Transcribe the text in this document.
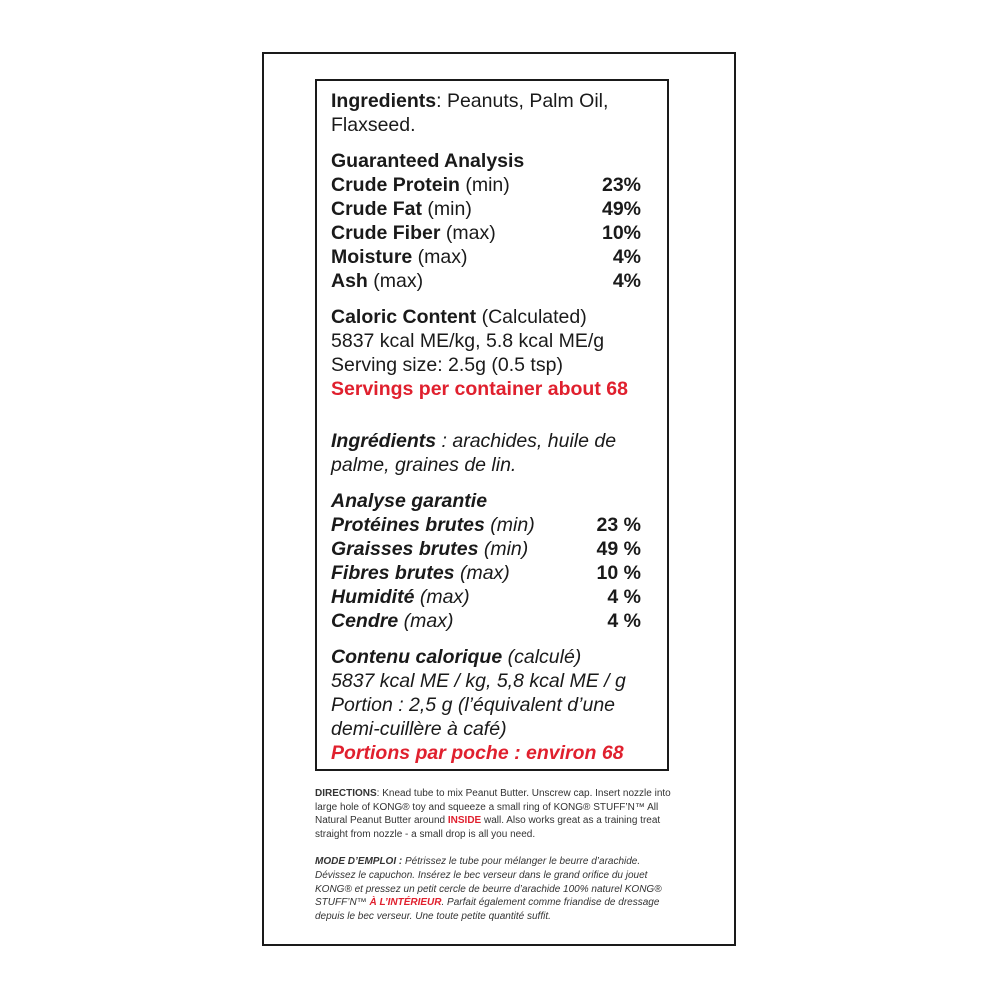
Ingredients: Peanuts, Palm Oil,

Flaxseed.

Guaranteed Analysis

Crude Protein (min)	23%
Crude Fat (min)	49%
Crude Fiber (max)	10%
Moisture (max)	4%
Ash (max)	4%

Caloric Content (Calculated)

5837 kcal ME/kg, 5.8 kcal ME/g

Serving size: 2.5g (0.5 tsp)

Servings per container about 68

Ingrédients : arachides, huile de

palme, graines de lin.

Analyse garantie

Protéines brutes (min)	23 %
Graisses brutes (min)	49 %
Fibres brutes (max)	10 %
Humidité (max)	4 %
Cendre (max)	4 %

Contenu calorique (calculé)

5837 kcal ME / kg, 5,8 kcal ME / g

Portion : 2,5 g (l’équivalent d’une

demi-cuillère à café)

Portions par poche : environ 68

DIRECTIONS: Knead tube to mix Peanut Butter. Unscrew cap. Insert nozzle into large hole of KONG® toy and squeeze a small ring of KONG® STUFF’N™ All Natural Peanut Butter around INSIDE wall. Also works great as a training treat straight from nozzle - a small drop is all you need.

MODE D’EMPLOI : Pétrissez le tube pour mélanger le beurre d’arachide. Dévissez le capuchon. Insérez le bec verseur dans le grand orifice du jouet KONG® et pressez un petit cercle de beurre d’arachide 100% naturel KONG® STUFF’N™ À L’INTÉRIEUR. Parfait également comme friandise de dressage depuis le bec verseur. Une toute petite quantité suffit.
